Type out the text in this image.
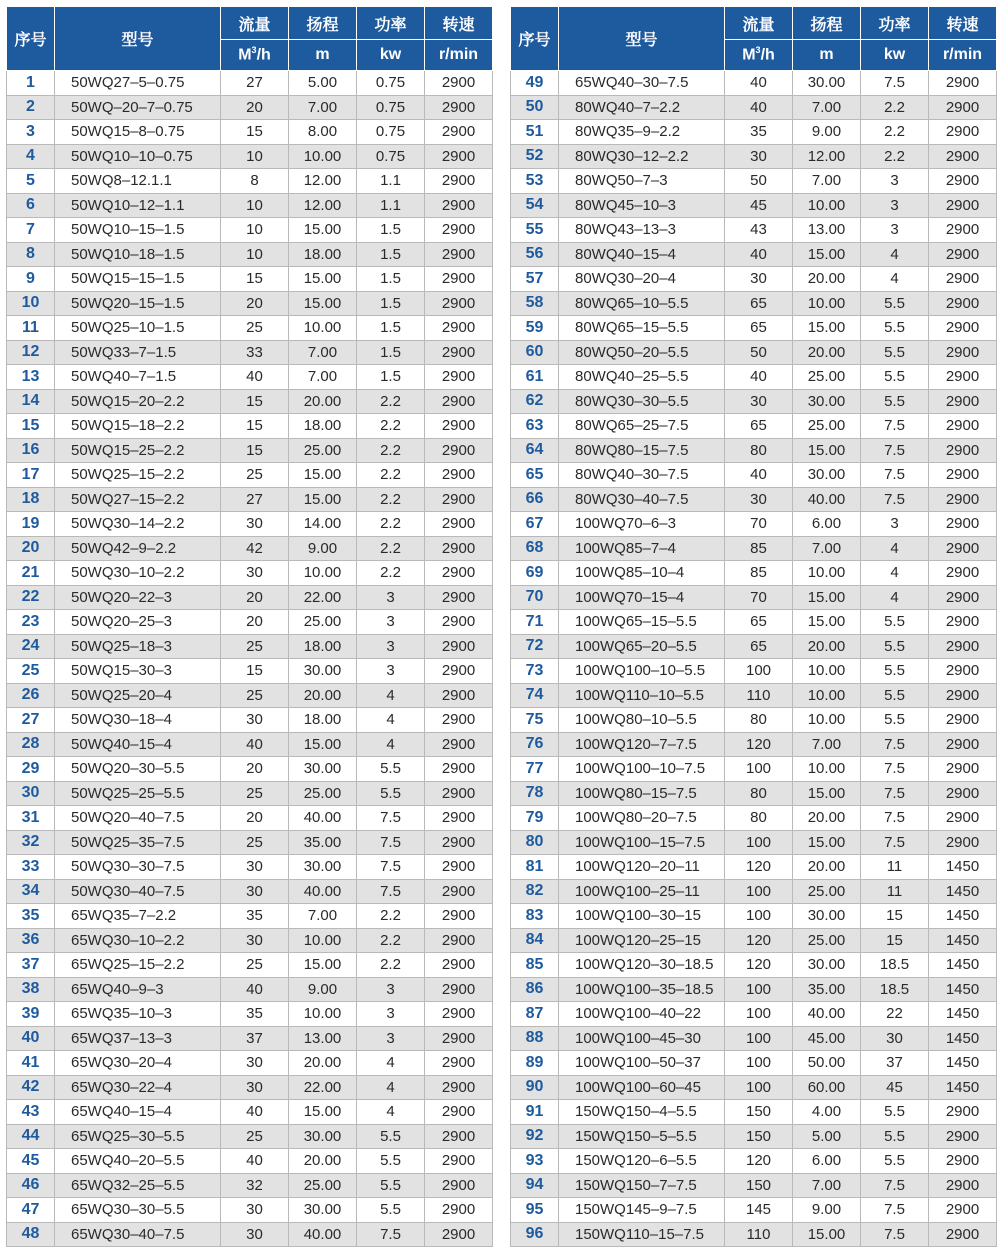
序号	型号	流量	扬程	功率	转速
		$M^3/h$	m	kw	r/min
1	50WQ27–5–0.75	27	5.00	0.75	2900
2	50WQ–20–7–0.75	20	7.00	0.75	2900
3	50WQ15–8–0.75	15	8.00	0.75	2900
4	50WQ10–10–0.75	10	10.00	0.75	2900
5	50WQ8–12.1.1	8	12.00	1.1	2900
6	50WQ10–12–1.1	10	12.00	1.1	2900
7	50WQ10–15–1.5	10	15.00	1.5	2900
8	50WQ10–18–1.5	10	18.00	1.5	2900
9	50WQ15–15–1.5	15	15.00	1.5	2900
10	50WQ20–15–1.5	20	15.00	1.5	2900
11	50WQ25–10–1.5	25	10.00	1.5	2900
12	50WQ33–7–1.5	33	7.00	1.5	2900
13	50WQ40–7–1.5	40	7.00	1.5	2900
14	50WQ15–20–2.2	15	20.00	2.2	2900
15	50WQ15–18–2.2	15	18.00	2.2	2900
16	50WQ15–25–2.2	15	25.00	2.2	2900
17	50WQ25–15–2.2	25	15.00	2.2	2900
18	50WQ27–15–2.2	27	15.00	2.2	2900
19	50WQ30–14–2.2	30	14.00	2.2	2900
20	50WQ42–9–2.2	42	9.00	2.2	2900
21	50WQ30–10–2.2	30	10.00	2.2	2900
22	50WQ20–22–3	20	22.00	3	2900
23	50WQ20–25–3	20	25.00	3	2900
24	50WQ25–18–3	25	18.00	3	2900
25	50WQ15–30–3	15	30.00	3	2900
26	50WQ25–20–4	25	20.00	4	2900
27	50WQ30–18–4	30	18.00	4	2900
28	50WQ40–15–4	40	15.00	4	2900
29	50WQ20–30–5.5	20	30.00	5.5	2900
30	50WQ25–25–5.5	25	25.00	5.5	2900
31	50WQ20–40–7.5	20	40.00	7.5	2900
32	50WQ25–35–7.5	25	35.00	7.5	2900
33	50WQ30–30–7.5	30	30.00	7.5	2900
34	50WQ30–40–7.5	30	40.00	7.5	2900
35	65WQ35–7–2.2	35	7.00	2.2	2900
36	65WQ30–10–2.2	30	10.00	2.2	2900
37	65WQ25–15–2.2	25	15.00	2.2	2900
38	65WQ40–9–3	40	9.00	3	2900
39	65WQ35–10–3	35	10.00	3	2900
40	65WQ37–13–3	37	13.00	3	2900
41	65WQ30–20–4	30	20.00	4	2900
42	65WQ30–22–4	30	22.00	4	2900
43	65WQ40–15–4	40	15.00	4	2900
44	65WQ25–30–5.5	25	30.00	5.5	2900
45	65WQ40–20–5.5	40	20.00	5.5	2900
46	65WQ32–25–5.5	32	25.00	5.5	2900
47	65WQ30–30–5.5	30	30.00	5.5	2900
48	65WQ30–40–7.5	30	40.00	7.5	2900
序号	型号	流量	扬程	功率	转速
		$M^3/h$	m	kw	r/min
49	65WQ40–30–7.5	40	30.00	7.5	2900
50	80WQ40–7–2.2	40	7.00	2.2	2900
51	80WQ35–9–2.2	35	9.00	2.2	2900
52	80WQ30–12–2.2	30	12.00	2.2	2900
53	80WQ50–7–3	50	7.00	3	2900
54	80WQ45–10–3	45	10.00	3	2900
55	80WQ43–13–3	43	13.00	3	2900
56	80WQ40–15–4	40	15.00	4	2900
57	80WQ30–20–4	30	20.00	4	2900
58	80WQ65–10–5.5	65	10.00	5.5	2900
59	80WQ65–15–5.5	65	15.00	5.5	2900
60	80WQ50–20–5.5	50	20.00	5.5	2900
61	80WQ40–25–5.5	40	25.00	5.5	2900
62	80WQ30–30–5.5	30	30.00	5.5	2900
63	80WQ65–25–7.5	65	25.00	7.5	2900
64	80WQ80–15–7.5	80	15.00	7.5	2900
65	80WQ40–30–7.5	40	30.00	7.5	2900
66	80WQ30–40–7.5	30	40.00	7.5	2900
67	100WQ70–6–3	70	6.00	3	2900
68	100WQ85–7–4	85	7.00	4	2900
69	100WQ85–10–4	85	10.00	4	2900
70	100WQ70–15–4	70	15.00	4	2900
71	100WQ65–15–5.5	65	15.00	5.5	2900
72	100WQ65–20–5.5	65	20.00	5.5	2900
73	100WQ100–10–5.5	100	10.00	5.5	2900
74	100WQ110–10–5.5	110	10.00	5.5	2900
75	100WQ80–10–5.5	80	10.00	5.5	2900
76	100WQ120–7–7.5	120	7.00	7.5	2900
77	100WQ100–10–7.5	100	10.00	7.5	2900
78	100WQ80–15–7.5	80	15.00	7.5	2900
79	100WQ80–20–7.5	80	20.00	7.5	2900
80	100WQ100–15–7.5	100	15.00	7.5	2900
81	100WQ120–20–11	120	20.00	11	1450
82	100WQ100–25–11	100	25.00	11	1450
83	100WQ100–30–15	100	30.00	15	1450
84	100WQ120–25–15	120	25.00	15	1450
85	100WQ120–30–18.5	120	30.00	18.5	1450
86	100WQ100–35–18.5	100	35.00	18.5	1450
87	100WQ100–40–22	100	40.00	22	1450
88	100WQ100–45–30	100	45.00	30	1450
89	100WQ100–50–37	100	50.00	37	1450
90	100WQ100–60–45	100	60.00	45	1450
91	150WQ150–4–5.5	150	4.00	5.5	2900
92	150WQ150–5–5.5	150	5.00	5.5	2900
93	150WQ120–6–5.5	120	6.00	5.5	2900
94	150WQ150–7–7.5	150	7.00	7.5	2900
95	150WQ145–9–7.5	145	9.00	7.5	2900
96	150WQ110–15–7.5	110	15.00	7.5	2900
